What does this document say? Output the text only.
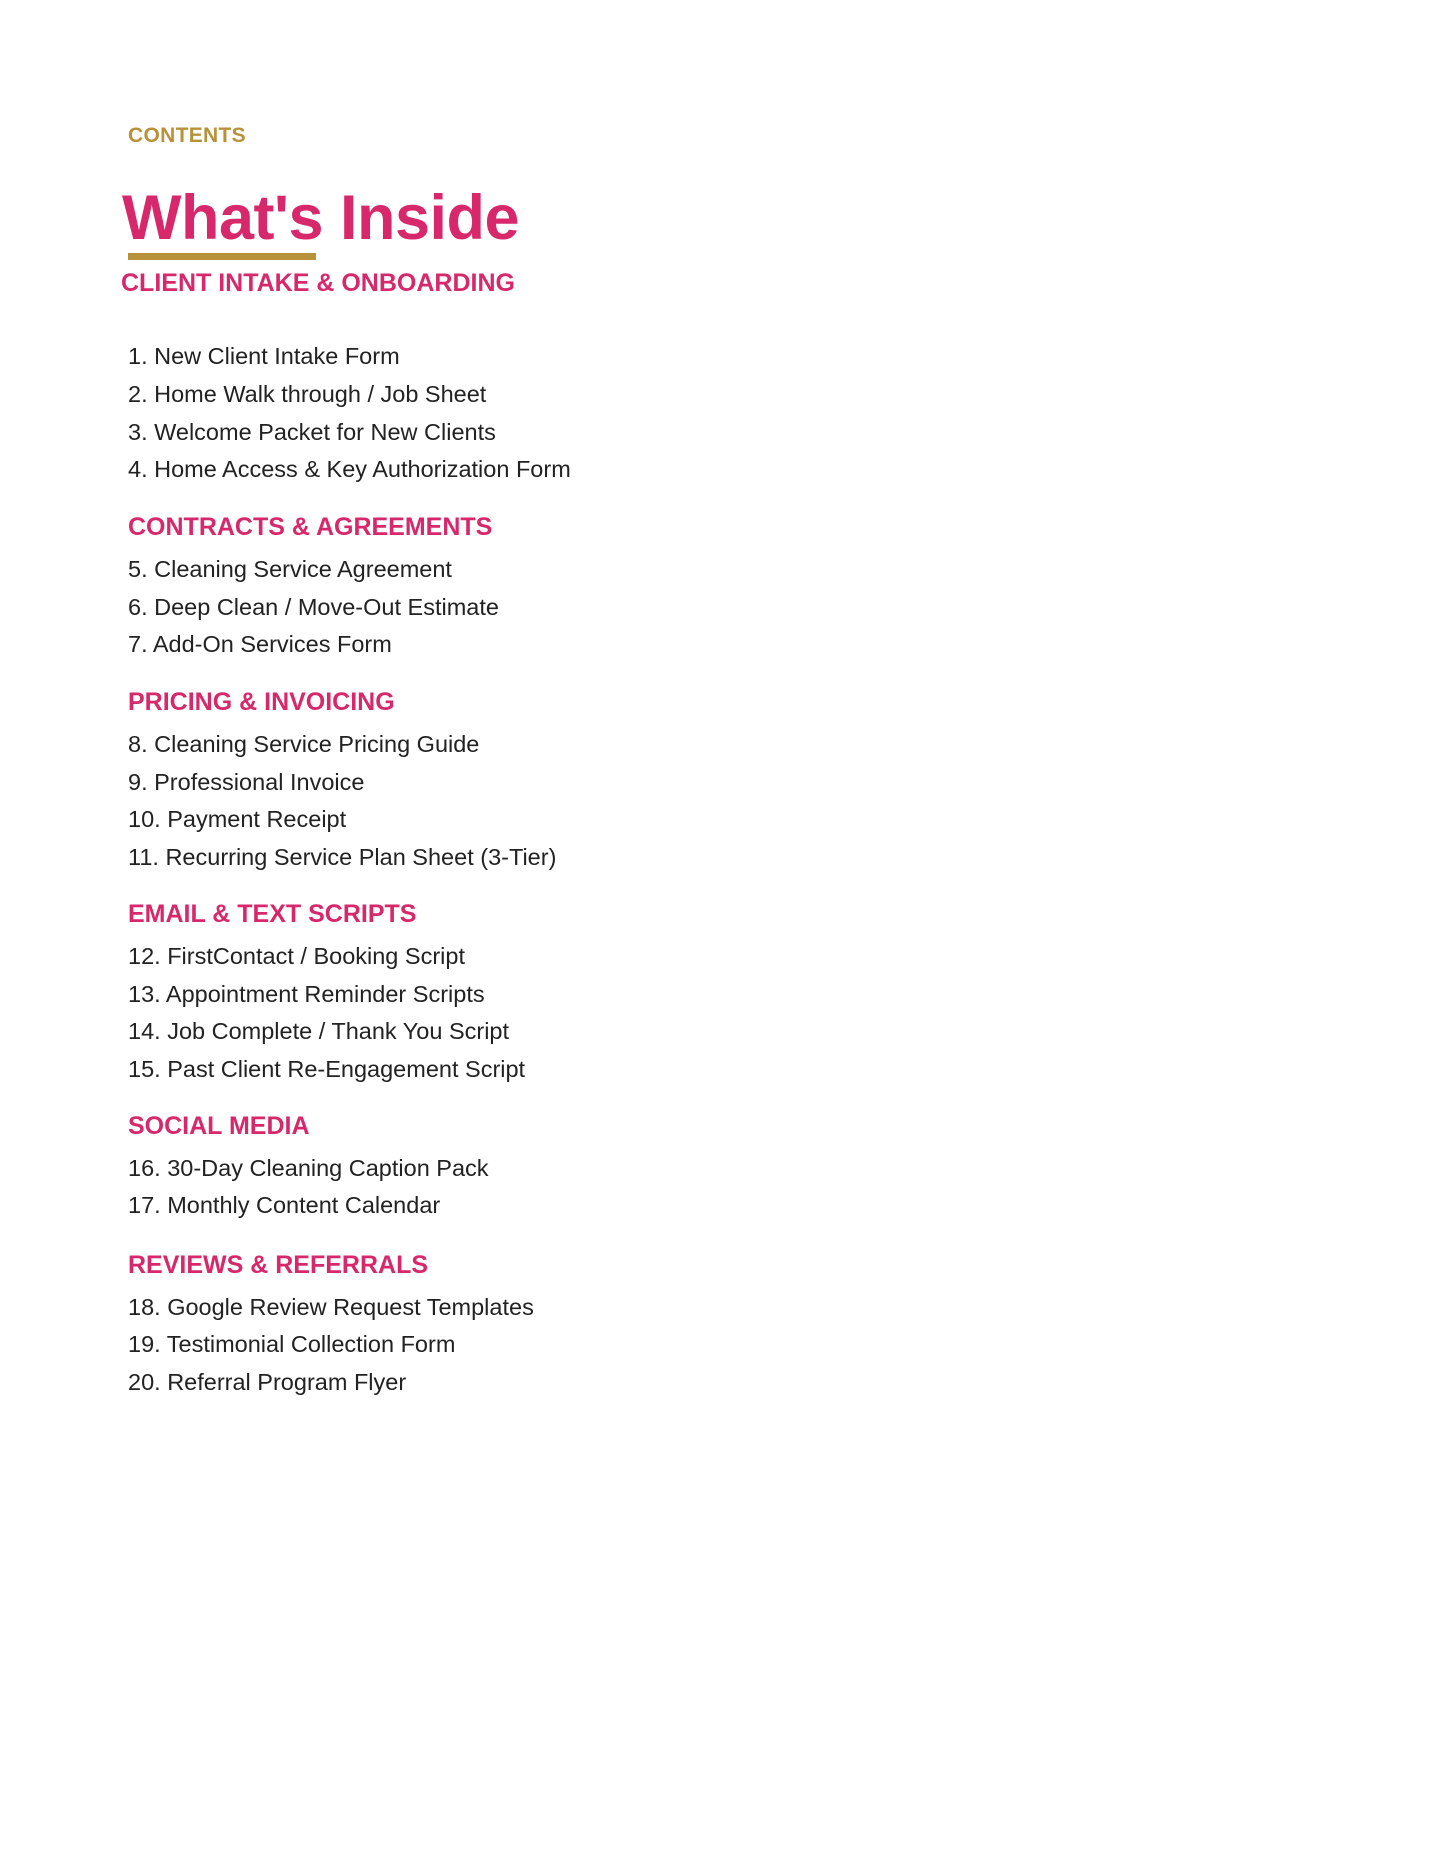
CONTENTS

What's Inside
CLIENT INTAKE & ONBOARDING

1. New Client Intake Form

2. Home Walk through / Job Sheet

3. Welcome Packet for New Clients

4. Home Access & Key Authorization Form

CONTRACTS & AGREEMENTS

5. Cleaning Service Agreement

6. Deep Clean / Move-Out Estimate

7. Add-On Services Form

PRICING & INVOICING

8. Cleaning Service Pricing Guide

9. Professional Invoice

10. Payment Receipt

11. Recurring Service Plan Sheet (3-Tier)

EMAIL & TEXT SCRIPTS

12. FirstContact / Booking Script

13. Appointment Reminder Scripts

14. Job Complete / Thank You Script

15. Past Client Re-Engagement Script

SOCIAL MEDIA

16. 30-Day Cleaning Caption Pack

17. Monthly Content Calendar

REVIEWS & REFERRALS

18. Google Review Request Templates

19. Testimonial Collection Form

20. Referral Program Flyer
